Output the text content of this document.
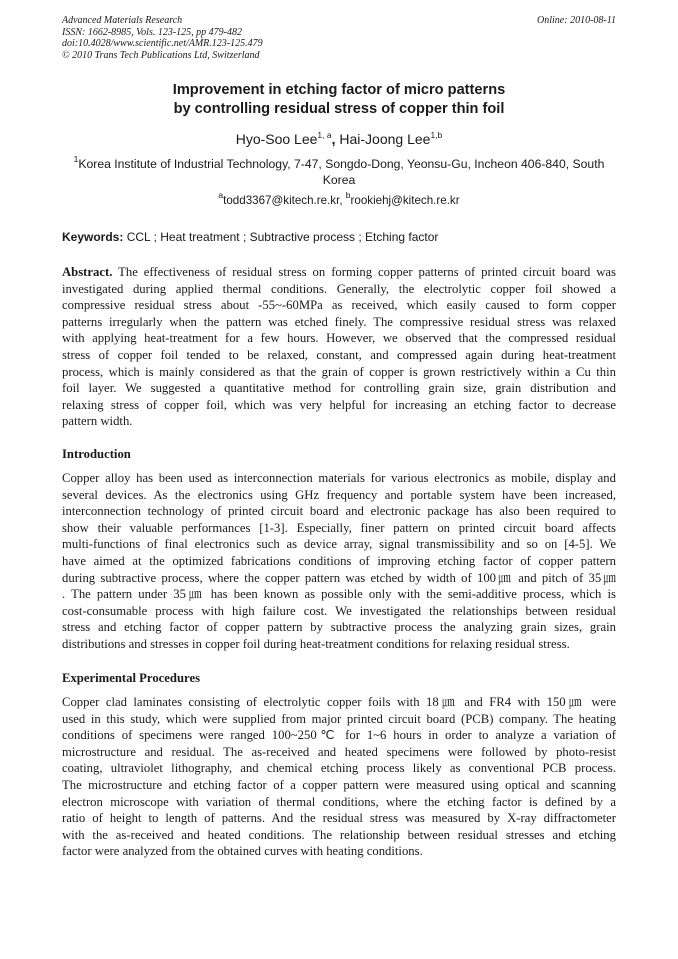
Advanced Materials Research
ISSN: 1662-8985, Vols. 123-125, pp 479-482
doi:10.4028/www.scientific.net/AMR.123-125.479
© 2010 Trans Tech Publications Ltd, Switzerland
Online: 2010-08-11
Improvement in etching factor of micro patterns
by controlling residual stress of copper thin foil
Hyo-Soo Lee$^{1, a}$, Hai-Joong Lee$^{1,b}$
$^1$Korea Institute of Industrial Technology, 7-47, Songdo-Dong, Yeonsu-Gu, Incheon 406-840, South
Korea
$^a$todd3367@kitech.re.kr, $^b$rookiehj@kitech.re.kr
Keywords: CCL ; Heat treatment ; Subtractive process ; Etching factor
Abstract. The effectiveness of residual stress on forming copper patterns of printed circuit board was
investigated during applied thermal conditions. Generally, the electrolytic copper foil showed a
compressive residual stress about -55~-60MPa as received, which easily caused to form copper
patterns irregularly when the pattern was etched finely. The compressive residual stress was relaxed
with applying heat-treatment for a few hours. However, we observed that the compressed residual
stress of copper foil tended to be relaxed, constant, and compressed again during heat-treatment
process, which is mainly considered as that the grain of copper is grown restrictively within a Cu thin
foil layer. We suggested a quantitative method for controlling grain size, grain distribution and
relaxing stress of copper foil, which was very helpful for increasing an etching factor to decrease
pattern width.
Introduction
Copper alloy has been used as interconnection materials for various electronics as mobile, display and
several devices. As the electronics using GHz frequency and portable system have been increased,
interconnection technology of printed circuit board and electronic package has also been required to
show their valuable performances [1-3]. Especially, finer pattern on printed circuit board affects
multi-functions of final electronics such as device array, signal transmissibility and so on [4-5]. We
have aimed at the optimized fabrications conditions of improving etching factor of copper pattern
during subtractive process, where the copper pattern was etched by width of 100㎛ and pitch of 35㎛
. The pattern under 35㎛ has been known as possible only with the semi-additive process, which is
cost-consumable process with high failure cost. We investigated the relationships between residual
stress and etching factor of copper pattern by subtractive process the analyzing grain sizes, grain
distributions and stresses in copper foil during heat-treatment conditions for relaxing residual stress.
Experimental Procedures
Copper clad laminates consisting of electrolytic copper foils with 18㎛ and FR4 with 150㎛ were
used in this study, which were supplied from major printed circuit board (PCB) company. The heating
conditions of specimens were ranged 100~250℃ for 1~6 hours in order to analyze a variation of
microstructure and residual. The as-received and heated specimens were followed by photo-resist
coating, ultraviolet lithography, and chemical etching process likely as conventional PCB process.
The microstructure and etching factor of a copper pattern were measured using optical and scanning
electron microscope with variation of thermal conditions, where the etching factor is defined by a
ratio of height to length of patterns. And the residual stress was measured by X-ray diffractometer
with the as-received and heated conditions. The relationship between residual stresses and etching
factor were analyzed from the obtained curves with heating conditions.
